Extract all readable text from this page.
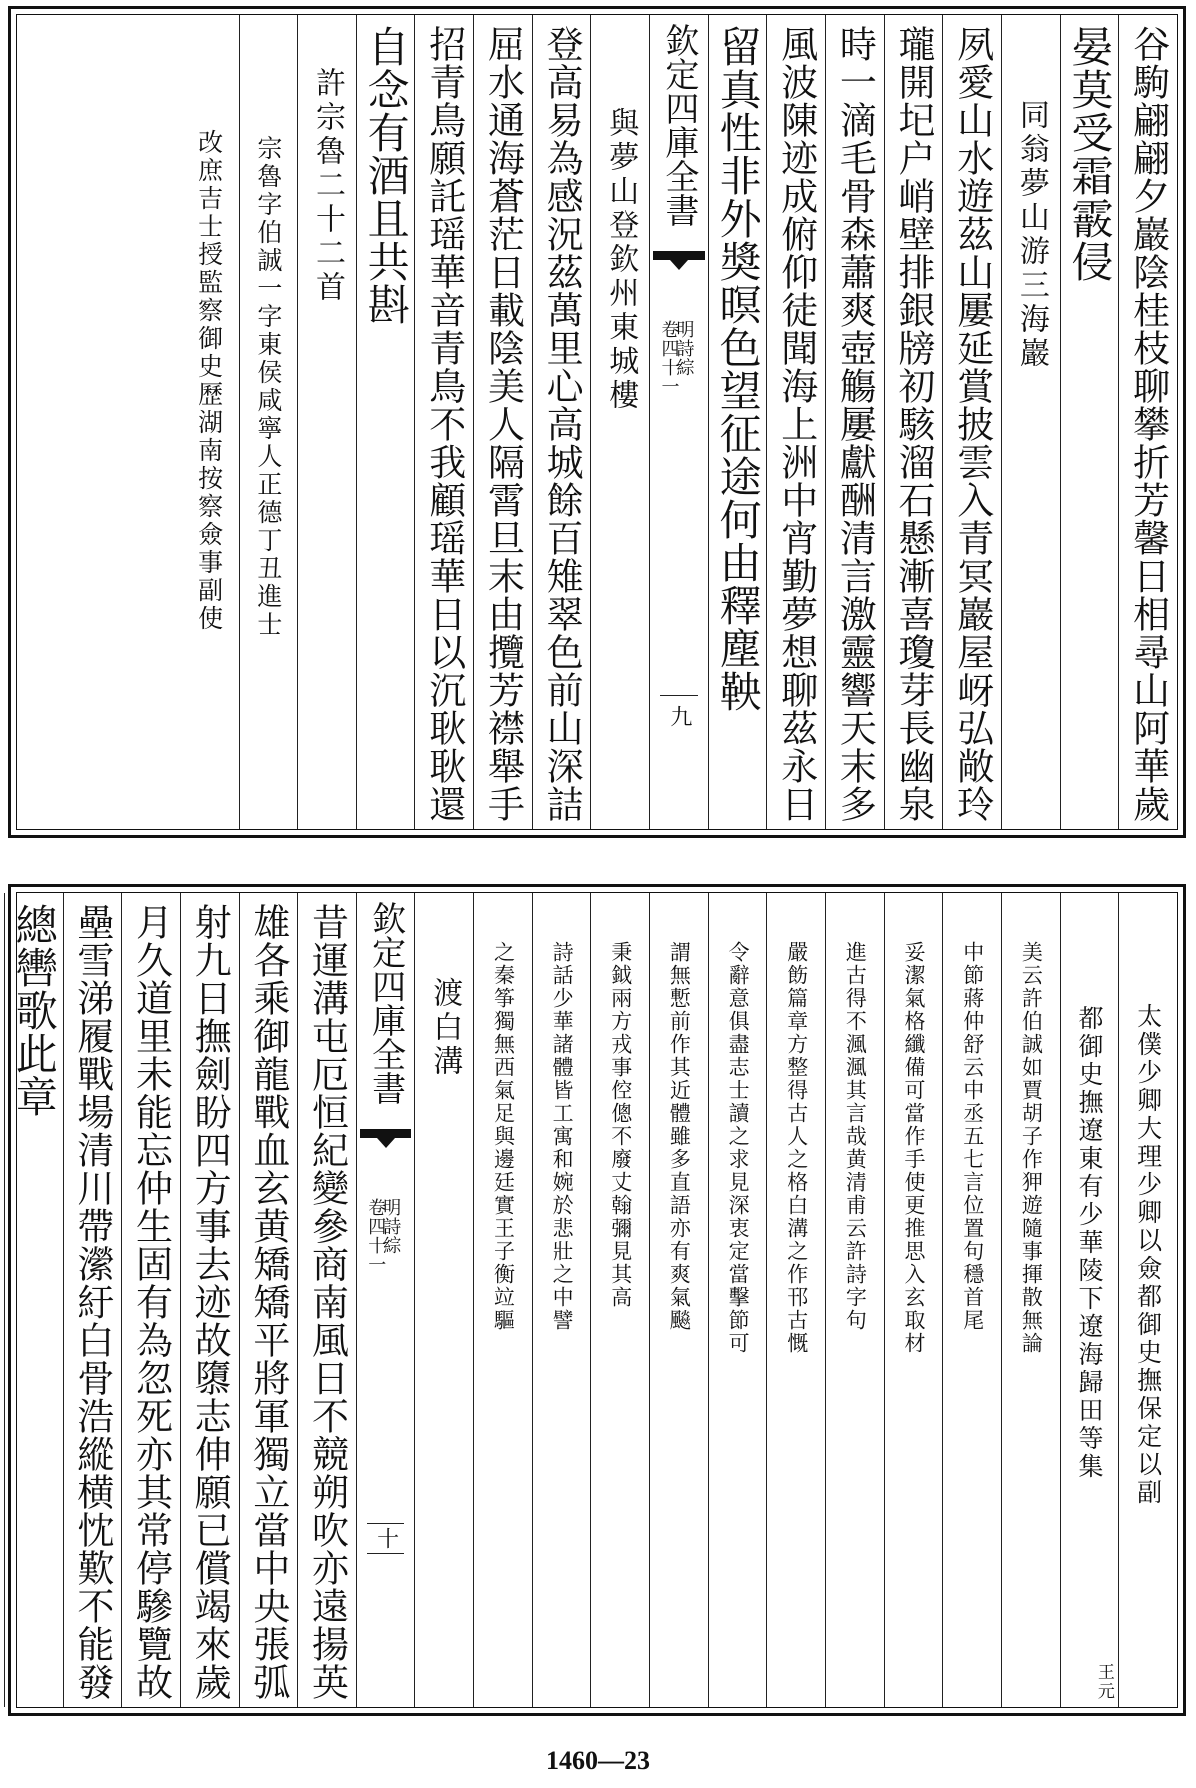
谷駒翩翩夕巖陰桂枝聊攀折芳馨日相尋山阿華歲
晏莫受霜霰侵
同翁夢山游三海巖
夙愛山水遊茲山屢延賞披雲入青冥巖屋岈弘敞玲
瓏開𡉏户峭壁排銀牓初駭溜石懸漸喜瓊芽長幽泉
時一滴毛骨森蕭爽壺觴屢獻酬清言激靈響天末多
風波陳迹成俯仰徒聞海上洲中宵勤夢想聊茲永日
留真性非外奬暝色望征途何由釋塵鞅
欽定四庫全書
明詩綜
卷四十一
九
與夢山登欽州東城樓
登高易為感況茲萬里心高城餘百雉翠色前山深詰
屈水通海蒼茫日載陰美人隔霄旦末由攬芳襟舉手
招青鳥願託瑶華音青鳥不我顧瑶華日以沉耿耿還
自念有酒且共斟
許宗魯二十二首
宗魯字伯誠一字東侯咸寧人正德丁丑進士
改庶吉士授監察御史歷湖南按察僉事副使
太僕少卿大理少卿以僉都御史撫保定以副
都御史撫遼東有少華陵下遼海歸田等集
王元
美云許伯誠如賈胡子作狎遊隨事揮散無論
中節蔣仲舒云中丞五七言位置句穩首尾
妥潔氣格纖備可當作手使更推思入玄取材
進古得不渢渢其言哉黄清甫云許詩字句
嚴飭篇章方整得古人之格白溝之作邗古慨
令辭意俱盡志士讀之求見深衷定當擊節可
謂無慙前作其近體雖多直語亦有爽氣飈
秉鉞兩方戎事倥傯不廢丈翰彌見其高
詩話少華諸體皆工寓和婉於悲壯之中譬
之秦筝獨無西氣足與邊廷實王子衡竝驅
渡白溝
欽定四庫全書
明詩綜
卷四十一
十
昔運溝屯厄恒紀變參商南風日不競朔吹亦遠揚英
雄各乘御龍戰血玄黄矯矯平將軍獨立當中央張弧
射九日撫劍盼四方事去迹故隳志伸願已償竭來歲
月久道里未能忘仲生固有為忽死亦其常停驂覽故
壘雪涕履戰場清川帶瀠紆白骨浩縱横忱歎不能發
總轡歌此章
1460—23
